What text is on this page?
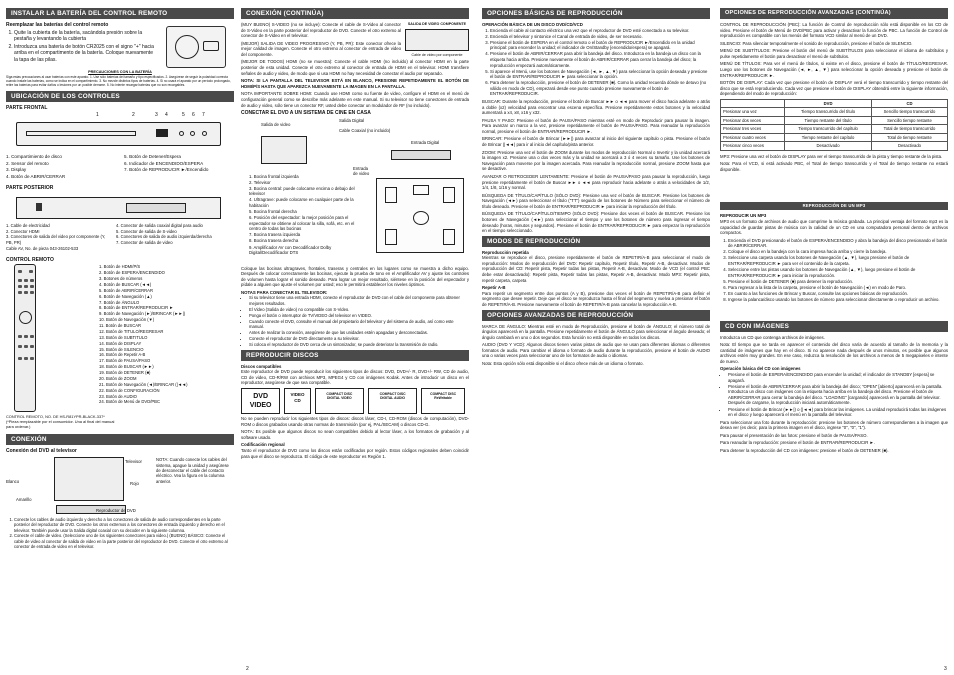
INSTALAR LA BATERÍA DEL CONTROL REMOTO
Reemplazar las baterías del control remoto
1. Quite la cubierta de la batería, sacándola presión sobre la pestaña y levantando la cubierta
2. Introduzca una batería de botón CR2025 con el signo "+" hacia arriba en el compartimento de la batería. Coloque nuevamente la tapa de las pilas.
PRECAUCIONES CON LA BATERÍA
Siga estas precauciones al usar baterías con este aparato. 1. Use sólo baterías del tamaño y tipo especificados. 2. Asegúrese de seguir la polaridad correcta cuando instale las baterías, como se indica en el compartimiento. 3. No mezcle distintos tipos de baterías. 4. Si no usará el aparato por un período prolongado, retire las baterías para evitar daños o lesiones por un posible derrame. 5. No intente recargar baterías que no son recargables.
UBICACIÓN DE LOS CONTROLES
PARTE FRONTAL
1	2	3 4	5 6 7
1. Compartimiento de disco
2. Sensor del remoto
3. Display
4. Botón de ABRIR/CERRAR
5. Botón de Detener/Espera
6. Indicador de ENCENDIDO/ESPERA
7. Botón de REPRODUCIR ►/Encendido
PARTE POSTERIOR
1. Cable de electricidad
2. Conector HDMI
3. Conectores de salida del video por componente (Y, PB, PR)
Cable AV, No. de pieza 043-26102-533
4. Conector de salida coaxial digital para audio
5. Conector de salida de S-video
6. Conectores de salida de audio izquierda/derecha
7. Conector de salida de video
CONTROL REMOTO
1. Botón de HDMI/P/S
2. Botón de ESPERA/ENCENDIDO
3. Botones de números
4. Botón de BUSCAR (◄◄)
5. Botón de ABRIR/CERRAR
6. Botón de Navegación (▲)
7. Botón de ÁNGULO
8. Botón de ENTRAR/REPRODUCIR ►
9. Botón de Navegación (►)/BRINCAR (►►|)
10. Botón de Navegación (▼)
11. Botón de BUSCAR
12. Botón de TITULO/REGRESAR
13. Botón de SUBTITULO
14. Botón de DISPLAY
15. Botón de SILENCIO
16. Botón de Repetir A-B
17. Botón de PAUSA/PASO
18. Botón de BUSCAR (►►)
19. Botón de DETENER (■)
20. Botón de ZOOM
21. Botón de Navegación (◄)/BRINCAR (|◄◄)
22. Botón de CONFIGURACIÓN
23. Botón de AUDIO
24. Botón de Menú de DVD/PBC
CONTROL REMOTO, NO. DE HS-R81YPR-BLACK-337* (*Pieza remplazable por el consumidor. Una al final del manual para ordenar.)
CONEXIÓN
Conexión del DVD al televisor
Televisor
Blanco	Rojo
Amarillo
Reproductor de DVD
NOTA: Cuando conecte los cables del sistema, apague la unidad y asegúrese de desconectar el cable del contacto eléctrico. Vea la figura en la columna anterior.
1. Conecte los cables de audio izquierdo y derecho a los conectores de salida de audio correspondientes en la parte posterior del reproductor de DVD. Conecte los otros extremos a los conectores de entrada izquierdo y derecho en el televisor. También puede usar la Salida digital coaxial con su decoder en la siguiente columna.
2. Conecte el cable de video. (Seleccione uno de los siguientes conectores para video.) (BUENO) BÁSICO: Conecte el cable de video al conector de salida de video en la parte posterior del reproductor de DVD. Conecte el otro extremo al conector de entrada de video en el televisor.
CONEXIÓN (CONTINÚA)
(MUY BUENO) S-VIDEO (no se incluye): Conecte el cable de S-Video al conector de S-Video en la parte posterior del reproductor de DVD. Conecte el otro extremo al conector de S-Video en el televisor.
(MEJOR) SALIDA DE VIDEO PROGRESIVO (Y, PB, PR): Este conector ofrece la mejor calidad de imagen. Conecte el otro extremo al conector de entrada de video del componente.
SALIDA DE VIDEO COMPONENTE
Cable de video por componente
(MEJOR DE TODOS) HDMI (no se muestra): Conecte el cable HDMI (no incluido) al conector HDMI en la parte posterior de esta unidad. Conecte el otro extremo al conector de entrada de HDMI en el televisor. HDMI transfiere señales de audio y video, de modo que si usa HDMI no hay necesidad de conectar el audio por separado.
NOTA: SI LA PANTALLA DEL TELEVISOR ESTÁ EN BLANCO, PRESIONE REPETIDAMENTE EL BOTÓN DE HDMI/P/S HASTA QUE APAREZCA NUEVAMENTE LA IMAGEN EN LA PANTALLA.
NOTA IMPORTANTE SOBRE HDMI: Cuando use HDMI como su fuente de video, configure el HDMI en el menú de configuración general como se describe más adelante en este manual. Si su televisor no tiene conectores de entrada de audio y video, sólo tiene un conector RF, usted debe conectar un modulador de RF (no incluido).
CONECTAR EL DVD A UN SISTEMA DE CINE EN CASA
Salida de video
Salida Digital
Cable Coaxial (no incluido)
Entrada Digital
Entrada de video
1. Bocina frontal izquierda
2. Televisor
3. Bocina central: puede colocarse encima o debajo del televisor
4. Ultragrave: puede colocarse en cualquier parte de la habitación
5. Bocina frontal derecha
6. Posición del espectador: la mejor posición para el espectador se obtiene al colocar la silla, sofá, etc. en el centro de todas las bocinas
7. Bocina trasera izquierda
8. Bocina trasera derecha
9. Amplificador AV con Decodificador Dolby Digital/Decodificador DTS
Coloque las bocinas ultragraves, frontales, traseras y centrales en los lugares como se muestra a dicho equipo. Después de colocar correctamente las bocinas, ejecute la prueba de tono en el Amplificador AV y ajuste los controles de volumen hasta lograr el sonido deseado. Para lograr un mejor resultado, siéntese en la posición del espectador y pídale a alguien que ajuste el volumen por usted; eso le permitirá establecer los niveles óptimos.
NOTAS PARA CONECTAR EL TELEVISOR:
• Si su televisor tiene una entrada HDMI, conecte el reproductor de DVD con el cable del componente para obtener mejores resultados.
• El Video (Salida de video) no compatible con S-Video.
• Ponga el botón o interruptor de TV/VIDEO del televisor en VIDEO.
• Cuando conecte el DVD, consulte el manual del propietario del televisor y del sistema de audio, así como este manual.
• Antes de realizar la conexión, asegúrese de que las unidades estén apagadas y desconectadas.
• Conecte el reproductor de DVD directamente a su televisor.
• Si coloca el reproductor de DVD cerca de un sintonizador, se puede deteriorar la transmisión de radio.
REPRODUCIR DISCOS
Discos compatibles
Este reproductor de DVD puede reproducir los siguientes tipos de discos: DVD, DVD+/- R, DVD+/- RW, CD de audio, CD de video, CD-R/RW con archivos MP3, MPEG4 y CD con imágenes Kodak. Antes de introducir un disco en el reproductor, asegúrese de que sea compatible.
DVD VIDEO
VIDEO CD
COMPACT DISC DIGITAL VIDEO
COMPACT DISC DIGITAL AUDIO
COMPACT DISC ReWritable
No se pueden reproducir los siguientes tipos de discos: discos láser, CD-I, CD-ROM (discos de computación), DVD-ROM o discos grabados usando otras normas de transmisión (por ej, PAL/SECAM) o discos CD-G.
NOTA: Es posible que algunos discos no sean compatibles debido al lector láser, a los formatos de grabación y al software usado.
Codificación regional
Tanto el reproductor de DVD como los discos están codificados por región. Estos códigos regionales deben coincidir para que el disco se reproduzca. El código de este reproductor es Región 1.
2
OPCIONES BÁSICAS DE REPRODUCCIÓN
OPERACIÓN BÁSICA DE UN DISCO DVD/CD/VCD
1. Encienda el cable al contacto eléctrico una vez que el reproductor de DVD esté conectado a su televisor.
2. Encienda el televisor y sintonice el Canal de entrada de video, de ser necesario.
3. Presione el botón de ESPERA en el control remoto o el botón de REPRODUCIR ►/Encendido en la unidad principal: para encender la unidad; el indicador de On/Standby [encendido/espera] se apagará.
4. Presione el botón de ABRIR/CERRAR para abrir la bandeja del disco. Introduzca en la bandeja un disco con la etiqueta hacia arriba. Presione nuevamente el botón de ABRIR/CERRAR para cerrar la bandeja del disco; la reproducción empezará automáticamente.
5. Si aparece el Menú, use los botones de Navegación (◄, ►, ▲, ▼) para seleccionar la opción deseada y presione el botón de ENTRAR/REPRODUCIR ► para seleccionar la opción.
6. Para detener la reproducción, presione el botón de DETENER (■). Como la unidad recuerda dónde se detuvo (no válido en modo de CD), empezará desde ese punto cuando presione nuevamente el botón de ENTRAR/REPRODUCIR.
BUSCAR: Durante la reproducción, presione el botón de Buscar ►► o ◄◄ para mover el disco hacia adelante o atrás a doble (x2) velocidad para encontrar una escena específica. Presione repetidamente estos botones y la velocidad aumentará a x4, x8, x16 y x32.
PAUSA Y PASO: Presione el botón de PAUSA/PASO mientras esté en modo de Reproducir para pausar la imagen. Para avanzar un marco a la vez, presione repetidamente el botón de PAUSA/PASO. Para reanudar la reproducción normal, presione el botón de ENTRAR/REPRODUCIR ►.
BRINCAR: Presione el botón de Brincar (►►|) para avanzar al inicio del siguiente capítulo o pista. Presione el botón de Brincar (|◄◄) para ir al inicio del capítulo/pista anterior.
ZOOM: Presione una vez el botón de ZOOM durante los modos de reproducción Normal o Invertir y la unidad acercará la imagen x2. Presione una o dos veces más y la unidad se acercará a 3 ó 4 veces su tamaño. Use los botones de Navegación para moverse por la imagen acercada. Para reanudar la reproducción normal, presione ZOOM hasta que se desactive.
AVANZAR O RETROCEDER LENTAMENTE: Presione el botón de PAUSA/PASO para pausar la reproducción, luego presione repetidamente el botón de Buscar ►► o ◄◄ para reproducir hacia adelante o atrás a velocidades de 1/2, 1/4, 1/8, 1/16 y normal.
BÚSQUEDA DE TÍTULO/CAPÍTULO (SÓLO DVD): Presione una vez el botón de BUSCAR. Presione los botones de Navegación (◄►) para seleccionar el título ("TT") seguido de los botones de Número para seleccionar el número de título deseado. Presione el botón de ENTRAR/REPRODUCIR ► para iniciar la reproducción del título.
BÚSQUEDA DE TÍTULO/CAPÍTULO/TIEMPO (SÓLO DVD): Presione dos veces el botón de BUSCAR. Presione los botones de Navegación (◄►) para seleccionar el tiempo y use los botones de número para ingresar el tiempo deseado (horas, minutos y segundos). Presione el botón de ENTRAR/REPRODUCIR ► para empezar la reproducción en el tiempo seleccionado.
MODOS DE REPRODUCCIÓN
Reproducción repetida
Mientras se reproduce el disco, presione repetidamente el botón de REPETIR/A-B para seleccionar el modo de reproducción: Modos de reproducción del DVD: Repetir capítulo, Repetir título, Repetir A-B, desactivar. Modos de reproducción del CD: Repetir pista, Repetir todas las pistas, Repetir A-B, desactivar. Modo de VCD (el control PBC debe estar desactivado): Repetir pista, Repetir todas las pistas, Repetir A-B, desactivar. Modo MP3: Repetir pista, repetir carpeta, carpeta
Repetir A-B
Para repetir un segmento entre dos puntos (A y B), presione dos veces el botón de REPETIR/A-B para definir el segmento que desee repetir. Deje que el disco se reproduzca hasta el final del segmento y vuelva a presionar el botón de REPETIR/A-B. Presione nuevamente el botón de REPETIR/A-B para cancelar la reproducción A-B.
OPCIONES AVANZADAS DE REPRODUCCIÓN
MARCA DE ÁNGULO: Mientras esté en modo de Reproducción, presione el botón de ÁNGULO; el número total de ángulos aparecerá en la pantalla. Presione repetidamente el botón de ÁNGULO para seleccionar el ángulo deseado; el ángulo cambiará en uno o dos segundos. Esta función no está disponible en todos los discos.
AUDIO (DVD Y VCD): Algunos discos tienen varias pistas de audio que se usan para diferentes idiomas o diferentes formatos de audio. Para cambiar el idioma o formato de audio durante la reproducción, presione el botón de AUDIO una o varias veces para seleccionar uno de los formatos de audio o idiomas.
Nota: Esta opción sólo está disponible si el disco ofrece más de un idioma o formato.
OPCIONES DE REPRODUCCIÓN AVANZADAS (CONTINÚA)
CONTROL DE REPRODUCCIÓN (PBC): La función de Control de reproducción sólo está disponible en los CD de video. Presione el botón de Menú de DVD/PBC para activar y desactivar la función de PBC. La función de Control de reproducción es compatible con los menús del formato VCD similar al menú de un DVD.
SILENCIO: Para silenciar temporalmente el sonido de reproducción, presione el botón de SILENCIO.
MENÚ DE SUBTÍTULOS: Presione el botón del menú de SUBTÍTULOS para seleccionar el idioma de subtítulos y pulse repetidamente el botón para desactivar el menú de subtítulos.
MENÚ DE TÍTULOS: Para ver el menú de títulos, si existe en el disco, presione el botón de TÍTULO/REGRESAR. Luego use los botones de Navegación (◄, ►, ▲, ▼) para seleccionar la opción deseada y presione el botón de ENTRAR/REPRODUCIR ►.
BOTÓN DE DISPLAY: Cada vez que presione el botón de DISPLAY verá el tiempo transcurrido y tiempo restante del disco que se está reproduciendo. Cada vez que presione el botón de DISPLAY obtendrá entre la siguiente información, dependiendo del modo de reproducción:
	DVD	CD
Presionar una vez	Tiempo transcurrido del título	Sencillo tiempo transcurrido
Presionar dos veces	Tiempo restante del título	Sencillo tiempo restante
Presionar tres veces	Tiempo transcurrido del capítulo	Total de tiempo transcurrido
Presionar cuatro veces	Tiempo restante del capítulo	Total de tiempo restante
Presionar cinco veces	Desactivado	Desactivado
MP3: Presione una vez el botón de DISPLAY para ver el tiempo transcurrido de la pista y tiempo restante de la pista.
Nota: Para el VCD, si está activado PBC, el Total de tiempo transcurrido y el Total de tiempo restante no estará disponible.
REPRODUCCIÓN DE UN MP3
REPRODUCIR UN MP3
MP3 es un formato de archivos de audio que comprime la música grabada. La principal ventaja del formato mp3 es la capacidad de guardar pistas de música con la calidad de un CD en una computadora personal dentro de archivos compactos.
1. Encienda el DVD presionando el botón de ESPERA/ENCENDIDO y abra la bandeja del disco presionando el botón de ABRIR/CERRAR.
2. Coloque el disco en la bandeja con la cara impresa hacia arriba y cierre la bandeja.
3. Seleccione una carpeta usando los botones de Navegación (▲, ▼), luego presione el botón de ENTRAR/REPRODUCIR ► para ver el contenido de la carpeta.
4. Seleccione entre las pistas usando los botones de Navegación (▲, ▼), luego presione el botón de ENTRAR/REPRODUCIR ► para iniciar la reproducción.
5. Presione el botón de DETENER (■) para detener la reproducción.
6. Para regresar a la lista de la carpeta, presione el botón de Navegación (◄) en modo de Paro.
7. En cuanto a las funciones de Brincar y Buscar, consulte las opciones básicas de reproducción.
8. Ingrese la palanca/disco usando los botones de número para seleccionar directamente o reproducir un archivo.
CD CON IMÁGENES
Introduzca un CD que contenga archivos de imágenes.
Nota: El tiempo que se tarda en aparecer el contenido del disco varía de acuerdo al tamaño de la memoria y la cantidad de imágenes que hay en el disco. Si no aparece nada después de unos minutos, es posible que algunos archivos estén muy grandes. En ese caso, reduzca la resolución de los archivos a menos de 5 megapixeles e intente de nuevo.
Operación básica del CD con imágenes
• Presione el botón de ESPERA/ENCENDIDO para encender la unidad; el indicador de STANDBY [espera] se apagará.
• Presione el botón de ABRIR/CERRAR para abrir la bandeja del disco; "OPEN" [abierto] aparecerá en la pantalla. Introduzca un disco con imágenes con la etiqueta hacia arriba en la bandeja del disco. Presione el botón de ABRIR/CERRAR para cerrar la bandeja del disco. "LOADING" [cargando] aparecerá en la pantalla del televisor. Después de cargarse, la reproducción iniciará automáticamente.
• Presione el botón de Brincar (►►|) o (|◄◄) para brincar las imágenes. La unidad reproducirá todas las imágenes en el disco y luego aparecerá el menú en la pantalla del televisor.
Para seleccionar una foto durante la reproducción: presione los botones de número correspondientes a la imagen que desea ver (es decir, para la primera imagen en el disco, ingrese "0", "0", "1").
Para pausar el presentación de las fotos: presione el botón de PAUSA/PASO.
Para reanudar la reproducción: presione el botón de ENTRAR/REPRODUCIR ►.
Para detener la reproducción del CD con imágenes: presione el botón de DETENER (■).
3
